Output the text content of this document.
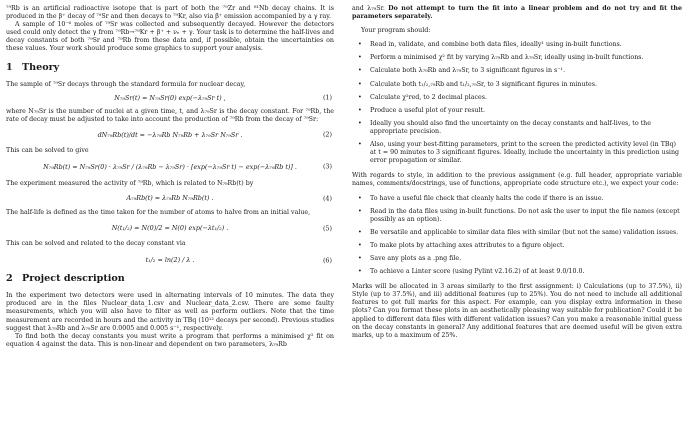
⁷⁹Rb is an artificial radioactive isotope that is part of both the ⁷⁹Zr and ⁸¹Nb decay chains. It is produced in the β⁺ decay of ⁷⁹Sr and then decays to ⁷⁹Kr, also via β⁺ emission accompanied by a γ ray.

A sample of 10⁻⁶ moles of ⁷⁹Sr was collected and subsequently decayed. However the detectors used could only detect the γ from ⁷⁹Rb→⁷⁹Kr + β⁺ + νₑ + γ. Your task is to determine the half-lives and decay constants of both ⁷⁹Sr and ⁷⁹Rb from these data and, if possible, obtain the uncertainties on these values. Your work should produce some graphics to support your analysis.

1 Theory

The sample of ⁷⁹Sr decays through the standard formula for nuclear decay,

N₇₉Sr(t) = N₇₉Sr(0) exp(−λ₇₉Sr t) ,	(1)

where N₇₉Sr is the number of nuclei at a given time, t, and λ₇₉Sr is the decay constant. For ⁷⁹Rb, the rate of decay must be adjusted to take into account the production of ⁷⁹Rb from the decay of ⁷⁹Sr:

dN₇₉Rb(t)/dt = −λ₇₉Rb N₇₉Rb + λ₇₉Sr N₇₉Sr .	(2)

This can be solved to give

N₇₉Rb(t) = N₇₉Sr(0) · λ₇₉Sr / (λ₇₉Rb − λ₇₉Sr) · [exp(−λ₇₉Sr t) − exp(−λ₇₉Rb t)] .	(3)

The experiment measured the activity of ⁷⁹Rb, which is related to N₇₉Rb(t) by

A₇₉Rb(t) = λ₇₉Rb N₇₉Rb(t) .	(4)

The half-life is defined as the time taken for the number of atoms to halve from an initial value,

N(t₁/₂) = N(0)/2 = N(0) exp(−λt₁/₂) .	(5)

This can be solved and related to the decay constant via

t₁/₂ = ln(2) / λ .	(6)
2 Project description

In the experiment two detectors were used in alternating intervals of 10 minutes. The data they produced are in the files Nuclear_data_1.csv and Nuclear_data_2.csv. There are some faulty measurements, which you will also have to filter as well as perform outliers. Note that the time measurement are recorded in hours and the activity in TBq (10¹² decays per second). Previous studies suggest that λ₇₉Rb and λ₇₉Sr are 0.0005 and 0.005 s⁻¹, respectively.

To find both the decay constants you must write a program that performs a minimised χ² fit on equation 4 against the data. This is non-linear and dependent on two parameters, λ₇₉Rb

and λ₇₉Sr. Do not attempt to turn the fit into a linear problem and do not try and fit the parameters separately.

Your program should:

• Read in, validate, and combine both data files, ideally¹ using in-built functions.
• Perform a minimised χ² fit by varying λ₇₉Rb and λ₇₉Sr, ideally using in-built functions.
• Calculate both λ₇₉Rb and λ₇₉Sr, to 3 significant figures in s⁻¹.
• Calculate both t₁/₂,₇₉Rb and t₁/₂,₇₉Sr, to 3 significant figures in minutes.
• Calculate χ²red, to 2 decimal places.
• Produce a useful plot of your result.
• Ideally you should also find the uncertainty on the decay constants and half-lives, to the appropriate precision.
• Also, using your best-fitting parameters, print to the screen the predicted activity level (in TBq) at t = 90 minutes to 3 significant figures. Ideally, include the uncertainty in this prediction using error propagation or similar.

With regards to style, in addition to the previous assignment (e.g. full header, appropriate variable names, comments/docstrings, use of functions, appropriate code structure etc.), we expect your code:

• To have a useful file check that cleanly halts the code if there is an issue.
• Read in the data files using in-built functions. Do not ask the user to input the file names (except possibly as an option).
• Be versatile and applicable to similar data files with similar (but not the same) validation issues.
• To make plots by attaching axes attributes to a figure object.
• Save any plots as a .png file.
• To achieve a Linter score (using Pylint v2.16.2) of at least 9.0/10.0.

Marks will be allocated in 3 areas similarly to the first assignment: i) Calculations (up to 37.5%), ii) Style (up to 37.5%), and iii) additional features (up to 25%). You do not need to include all additional features to get full marks for this aspect. For example, can you display extra information in these plots? Can you format these plots in an aesthetically pleasing way suitable for publication? Could it be applied to different data files with different validation issues? Can you make a reasonable initial guess on the decay constants in general? Any additional features that are deemed useful will be given extra marks, up to a maximum of 25%.
